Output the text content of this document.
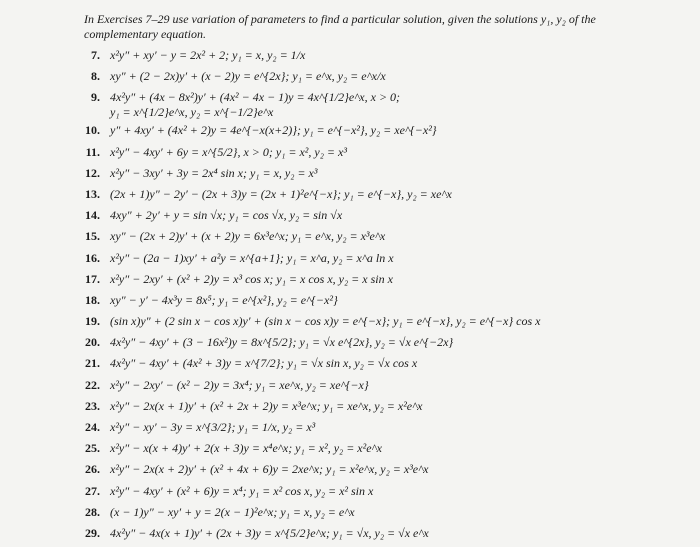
In Exercises 7–29 use variation of parameters to find a particular solution, given the solutions y₁, y₂ of the complementary equation.
7. x²y″ + xy′ − y = 2x² + 2; y₁ = x, y₂ = 1/x
8. xy″ + (2 − 2x)y′ + (x − 2)y = e^{2x}; y₁ = e^x, y₂ = e^x/x
9. 4x²y″ + (4x − 8x²)y′ + (4x² − 4x − 1)y = 4x^{1/2}e^x, x > 0;
y₁ = x^{1/2}e^x, y₂ = x^{−1/2}e^x
10. y″ + 4xy′ + (4x² + 2)y = 4e^{−x(x+2)}; y₁ = e^{−x²}, y₂ = xe^{−x²}
11. x²y″ − 4xy′ + 6y = x^{5/2}, x > 0; y₁ = x², y₂ = x³
12. x²y″ − 3xy′ + 3y = 2x⁴ sin x; y₁ = x, y₂ = x³
13. (2x + 1)y″ − 2y′ − (2x + 3)y = (2x + 1)²e^{−x}; y₁ = e^{−x}, y₂ = xe^x
14. 4xy″ + 2y′ + y = sin √x; y₁ = cos √x, y₂ = sin √x
15. xy″ − (2x + 2)y′ + (x + 2)y = 6x³e^x; y₁ = e^x, y₂ = x³e^x
16. x²y″ − (2a − 1)xy′ + a²y = x^{a+1}; y₁ = x^a, y₂ = x^a ln x
17. x²y″ − 2xy′ + (x² + 2)y = x³ cos x; y₁ = x cos x, y₂ = x sin x
18. xy″ − y′ − 4x³y = 8x⁵; y₁ = e^{x²}, y₂ = e^{−x²}
19. (sin x)y″ + (2 sin x − cos x)y′ + (sin x − cos x)y = e^{−x}; y₁ = e^{−x}, y₂ = e^{−x} cos x
20. 4x²y″ − 4xy′ + (3 − 16x²)y = 8x^{5/2}; y₁ = √x e^{2x}, y₂ = √x e^{−2x}
21. 4x²y″ − 4xy′ + (4x² + 3)y = x^{7/2}; y₁ = √x sin x, y₂ = √x cos x
22. x²y″ − 2xy′ − (x² − 2)y = 3x⁴; y₁ = xe^x, y₂ = xe^{−x}
23. x²y″ − 2x(x + 1)y′ + (x² + 2x + 2)y = x³e^x; y₁ = xe^x, y₂ = x²e^x
24. x²y″ − xy′ − 3y = x^{3/2}; y₁ = 1/x, y₂ = x³
25. x²y″ − x(x + 4)y′ + 2(x + 3)y = x⁴e^x; y₁ = x², y₂ = x²e^x
26. x²y″ − 2x(x + 2)y′ + (x² + 4x + 6)y = 2xe^x; y₁ = x²e^x, y₂ = x³e^x
27. x²y″ − 4xy′ + (x² + 6)y = x⁴; y₁ = x² cos x, y₂ = x² sin x
28. (x − 1)y″ − xy′ + y = 2(x − 1)²e^x; y₁ = x, y₂ = e^x
29. 4x²y″ − 4x(x + 1)y′ + (2x + 3)y = x^{5/2}e^x; y₁ = √x, y₂ = √x e^x
